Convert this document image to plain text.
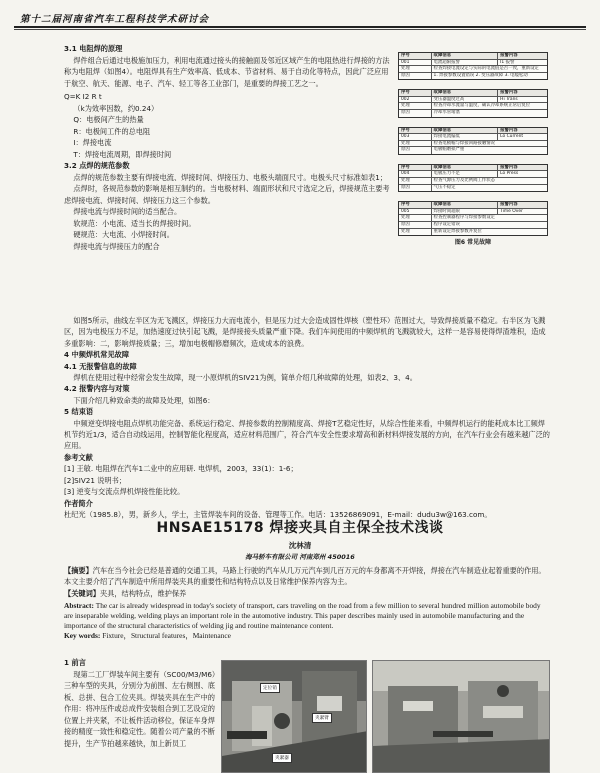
第十二届河南省汽车工程科技学术研讨会

3.1 电阻焊的原理

焊件组合后通过电极施加压力，利用电流通过接头的接触面及邻近区域产生的电阻热进行焊接的方法称为电阻焊（如图4）。电阻焊具有生产效率高、低成本、节省材料、易于自动化等特点，因此广泛应用于航空、航天、能源、电子、汽车、轻工等各工业部门，是重要的焊接工艺之一。

Q=K I2 R t

（k为效率因数，约0.24）

Q：电极间产生的热量

R：电极间工件的总电阻

I：焊接电流

T：焊接电流周期，即焊接时间

3.2 点焊的规范参数

点焊的规范参数主要有焊接电流、焊接时间、焊接压力、电极头端面尺寸。电极头尺寸标准如表1；

点焊时，各规范参数的影响是相互制约的。当电极材料、端面形状和尺寸选定之后，焊接规范主要考虑焊接电流、焊接时间、焊接压力这三个参数。

焊接电流与焊接时间的适当配合。

软规范：小电流、适当长的焊接时间。

硬规范：大电流、小焊接时间。

焊接电流与焊接压力的配合

序号	故障信息	报警内容
001	电流超限报警	I1 报警
处理	检查焊接电流设定与实际的电流值是否一致，重新设定
原因	1. 焊接参数设置错误 2. 变压器故障 3. 电缆松动
序号	故障信息	报警内容
002	变压器温度过高	Hi Trans
处理	检查冷却水流量与温度，确认冷却系统正常后复位
原因	冷却水管堵塞
序号	故障信息	报警内容
003	焊接电流偏低	Lo Current
处理	检查电极帽与焊接回路接触情况
原因	电极帽磨损严重
序号	故障信息	报警内容
004	电极压力不足	Lo Press
处理	检查气源压力及比例阀工作状态
原因	气压不稳定
序号	故障信息	报警内容
005	焊接时间超限	Time Over
处理	检查控制器程序与焊接参数设定
原因	程序设定错误
处理	重新设定焊接参数并复位
图6 常见故障

如图5所示，曲线左半区为无飞溅区，焊接压力大而电流小，但是压力过大会造成固性焊核（塑性环）范围过大，导致焊接质量不稳定。右半区为飞溅区，因为电极压力不足，加热速度过快引起飞溅，是焊接接头质量严重下降。我们车间使用的中频焊机的飞溅就较大，这样一是容易使得焊渣堆积，造成多重影响：二，影响焊接质量；三，增加电极帽修磨频次，造成成本的浪费。

4 中频焊机常见故障

4.1 无报警信息的故障

焊机在使用过程中经常会发生故障，现一小原焊机的SIV21为例，简单介绍几种故障的处理，如表2、3、4。

4.2 报警内容与对策

下面介绍几种致命类的故障及处理，如图6：

5 结束语

中频逆变焊接电阻点焊机功能完备、系统运行稳定、焊接参数的控制精度高、焊接T艺稳定性好，从综合性能来看，中频焊机运行的能耗成本比工频焊机节约近1/3，适合自动线运用，控制智能化程度高，适应材料范围广，符合汽车安全性要求增高和新材料焊接发展的方向，在汽车行业会有越来越广泛的应用。

参考文献

[1] 王敏. 电阻焊在汽车1二业中的应用研. 电焊机，2003，33(1)：1-6；

[2]SIV21 说明书；

[3] 逆变与交流点焊机焊接性能比较。

作者简介

杜纪光（1985.8），男，新乡人，学士，主管焊装车间的设备、管理等工作。电话：13526869091，E-mail：dudu3w@163.com。

HNSAE15178 焊接夹具自主保全技术浅谈
沈林清
海马轿车有限公司 河南郑州 450016

【摘要】汽车在当今社会已经是普通的交通工具，马路上行驶的汽车从几万元汽车到几百万元的车身都离不开焊接，焊接在汽车制造业起着重要的作用。本文主要介绍了汽车制造中所用焊装夹具的重要性和结构特点以及日常维护保养内容为主。

【关键词】夹具，结构特点，维护保养

Abstract: The car is already widespread in today's society of transport, cars traveling on the road from a few million to several hundred million automobile body are inseparable welding, welding plays an important role in the automotive industry. This paper describes mainly used in automobile manufacturing and the importance of the structural characteristics of welding jig and routine maintenance content.

Key words: Fixture，Structural features，Maintenance

1 前言

现第二工厂焊装车间主要有（SC00/M3/M6）三种车型的夹具，分别分为前围、左右侧围、底板、总拼、包合工位夹具。焊装夹具在生产中的作用：将冲压件或总成件安装组合到工艺设定的位置上并夹紧，不让板件活动移位，保证车身焊接的精度一致性和稳定性。随着公司产量的不断提升，生产节拍越来越快，加上新员工

定位销
夹紧臂
夹紧器
